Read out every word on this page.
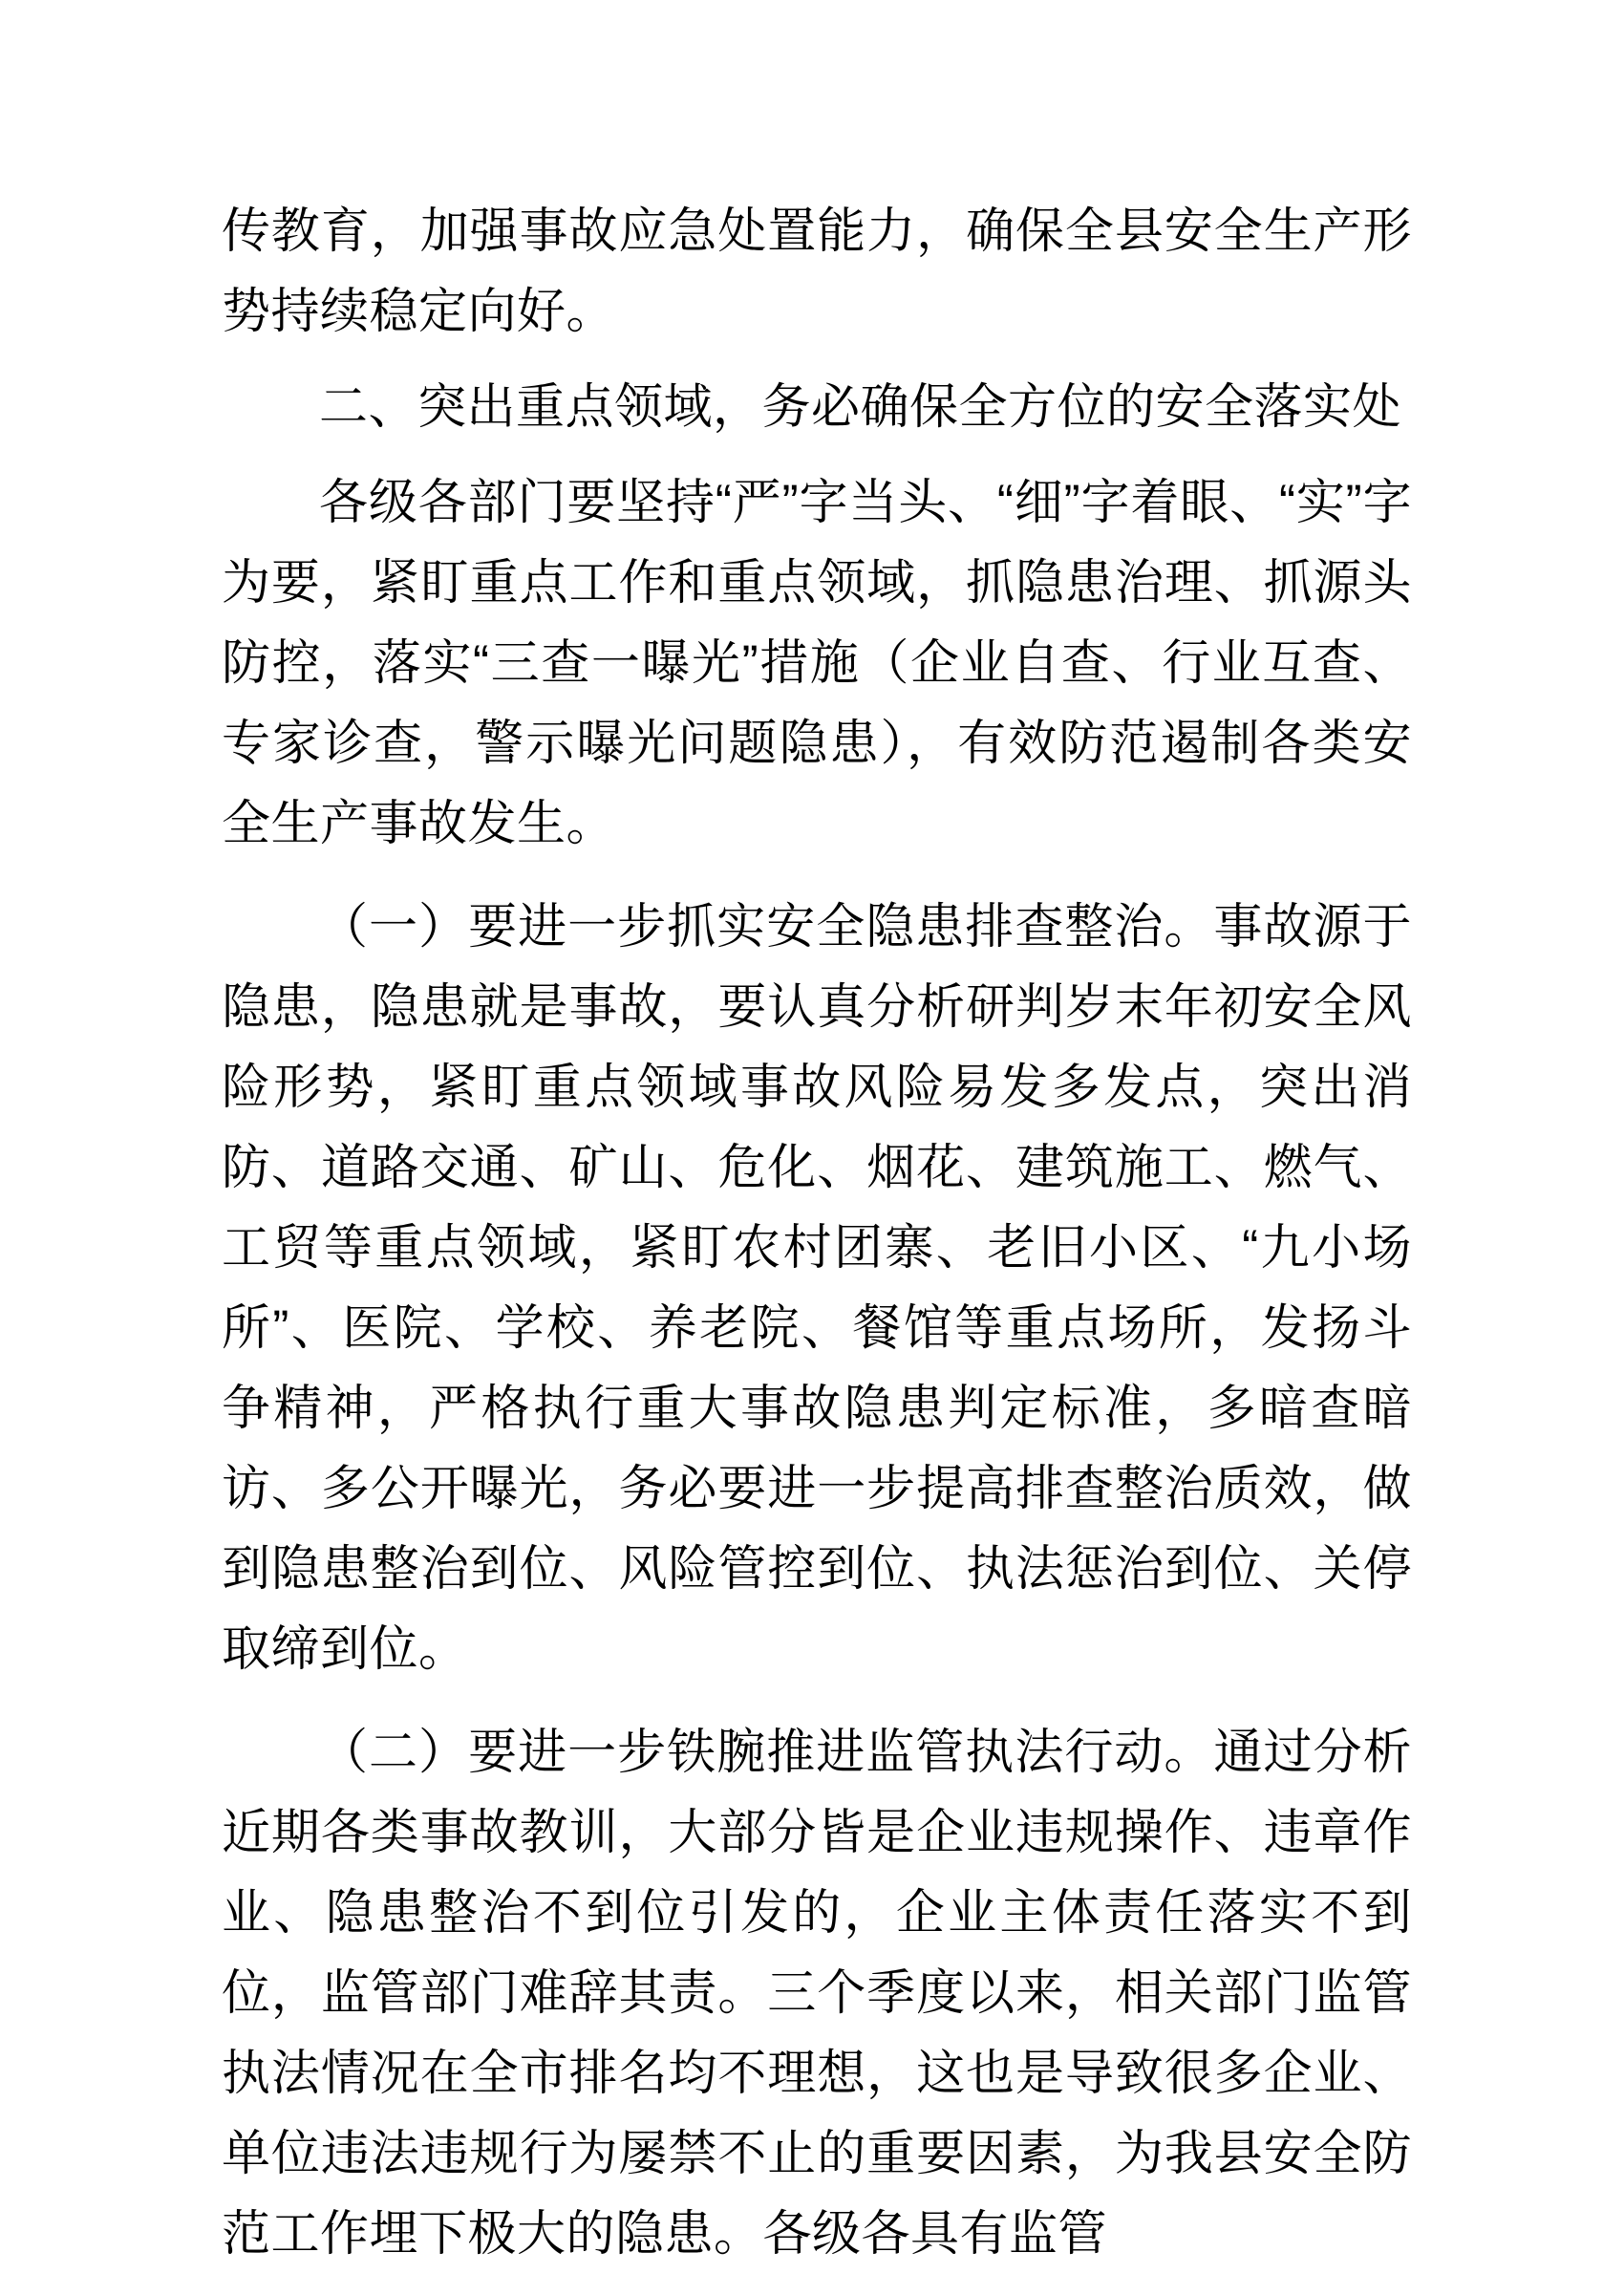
传教育，加强事故应急处置能力，确保全县安全生产形势持续稳定向好。

二、突出重点领域，务必确保全方位的安全落实处

各级各部门要坚持“严”字当头、“细”字着眼、“实”字为要，紧盯重点工作和重点领域，抓隐患治理、抓源头防控，落实“三查一曝光”措施（企业自查、行业互查、专家诊查，警示曝光问题隐患），有效防范遏制各类安全生产事故发生。

（一）要进一步抓实安全隐患排查整治。事故源于隐患，隐患就是事故，要认真分析研判岁末年初安全风险形势，紧盯重点领域事故风险易发多发点，突出消防、道路交通、矿山、危化、烟花、建筑施工、燃气、工贸等重点领域，紧盯农村团寨、老旧小区、“九小场所”、医院、学校、养老院、餐馆等重点场所，发扬斗争精神，严格执行重大事故隐患判定标准，多暗查暗访、多公开曝光，务必要进一步提高排查整治质效，做到隐患整治到位、风险管控到位、执法惩治到位、关停取缔到位。

（二）要进一步铁腕推进监管执法行动。通过分析近期各类事故教训，大部分皆是企业违规操作、违章作业、隐患整治不到位引发的，企业主体责任落实不到位，监管部门难辞其责。三个季度以来，相关部门监管执法情况在全市排名均不理想，这也是导致很多企业、单位违法违规行为屡禁不止的重要因素，为我县安全防范工作埋下极大的隐患。各级各具有监管
